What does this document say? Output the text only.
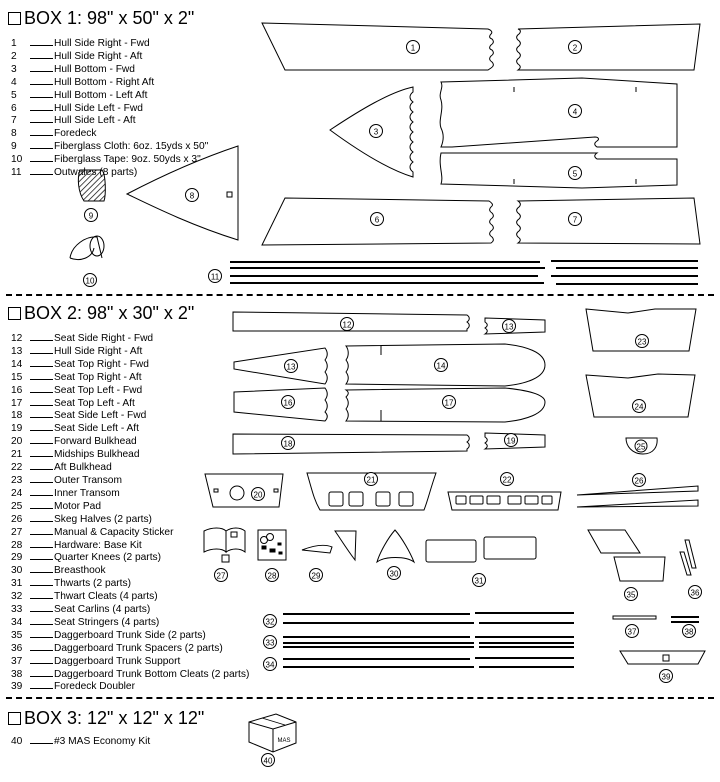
1	2
3
4
5
6	7
8
9
10	11
12	13
14
13
16	17
18	19
20
21	22
23
24
25
26
27	28	29	30
31
32
33
34
35	36
37	38
39
MAS
40
BOX 1: 98" x 50" x 2"
1	Hull Side Right - Fwd
2	Hull Side Right - Aft
3	Hull Bottom - Fwd
4	Hull Bottom - Right Aft
5	Hull Bottom - Left Aft
6	Hull Side Left - Fwd
7	Hull Side Left - Aft
8	Foredeck
9	Fiberglass Cloth: 6oz. 15yds x 50"
10	Fiberglass Tape: 9oz. 50yds x 3"
11	Outwales (8 parts)
BOX 2: 98" x 30" x 2"
12	Seat Side Right - Fwd
13	Hull Side Right - Aft
14	Seat Top Right - Fwd
15	Seat Top Right - Aft
16	Seat Top Left - Fwd
17	Seat Top Left - Aft
18	Seat Side Left - Fwd
19	Seat Side Left - Aft
20	Forward Bulkhead
21	Midships Bulkhead
22	Aft Bulkhead
23	Outer Transom
24	Inner Transom
25	Motor Pad
26	Skeg Halves (2 parts)
27	Manual & Capacity Sticker
28	Hardware: Base Kit
29	Quarter Knees (2 parts)
30	Breasthook
31	Thwarts (2 parts)
32	Thwart Cleats (4 parts)
33	Seat Carlins (4 parts)
34	Seat Stringers (4 parts)
35	Daggerboard Trunk Side (2 parts)
36	Daggerboard Trunk Spacers (2 parts)
37	Daggerboard Trunk Support
38	Daggerboard Trunk Bottom Cleats (2 parts)
39	Foredeck Doubler
BOX 3: 12" x 12" x 12"
40	#3 MAS Economy Kit
